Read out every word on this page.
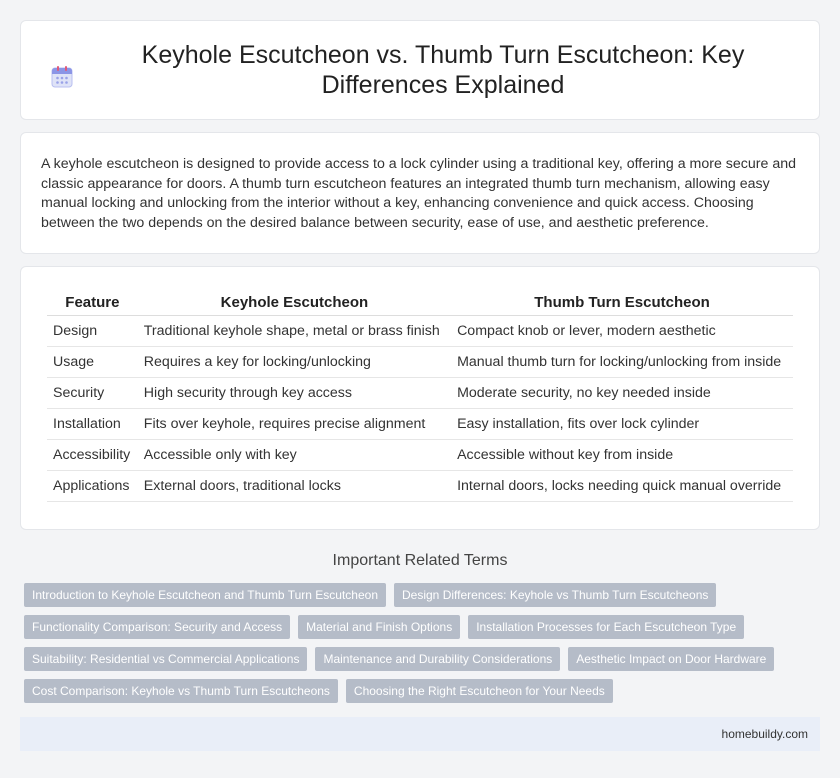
Keyhole Escutcheon vs. Thumb Turn Escutcheon: Key Differences Explained

A keyhole escutcheon is designed to provide access to a lock cylinder using a traditional key, offering a more secure and classic appearance for doors. A thumb turn escutcheon features an integrated thumb turn mechanism, allowing easy manual locking and unlocking from the interior without a key, enhancing convenience and quick access. Choosing between the two depends on the desired balance between security, ease of use, and aesthetic preference.

Feature	Keyhole Escutcheon	Thumb Turn Escutcheon
Design	Traditional keyhole shape, metal or brass finish	Compact knob or lever, modern aesthetic
Usage	Requires a key for locking/unlocking	Manual thumb turn for locking/unlocking from inside
Security	High security through key access	Moderate security, no key needed inside
Installation	Fits over keyhole, requires precise alignment	Easy installation, fits over lock cylinder
Accessibility	Accessible only with key	Accessible without key from inside
Applications	External doors, traditional locks	Internal doors, locks needing quick manual override
Important Related Terms
Introduction to Keyhole Escutcheon and Thumb Turn Escutcheon	Design Differences: Keyhole vs Thumb Turn Escutcheons
Functionality Comparison: Security and Access	Material and Finish Options	Installation Processes for Each Escutcheon Type
Suitability: Residential vs Commercial Applications	Maintenance and Durability Considerations	Aesthetic Impact on Door Hardware
Cost Comparison: Keyhole vs Thumb Turn Escutcheons	Choosing the Right Escutcheon for Your Needs
homebuildy.com
